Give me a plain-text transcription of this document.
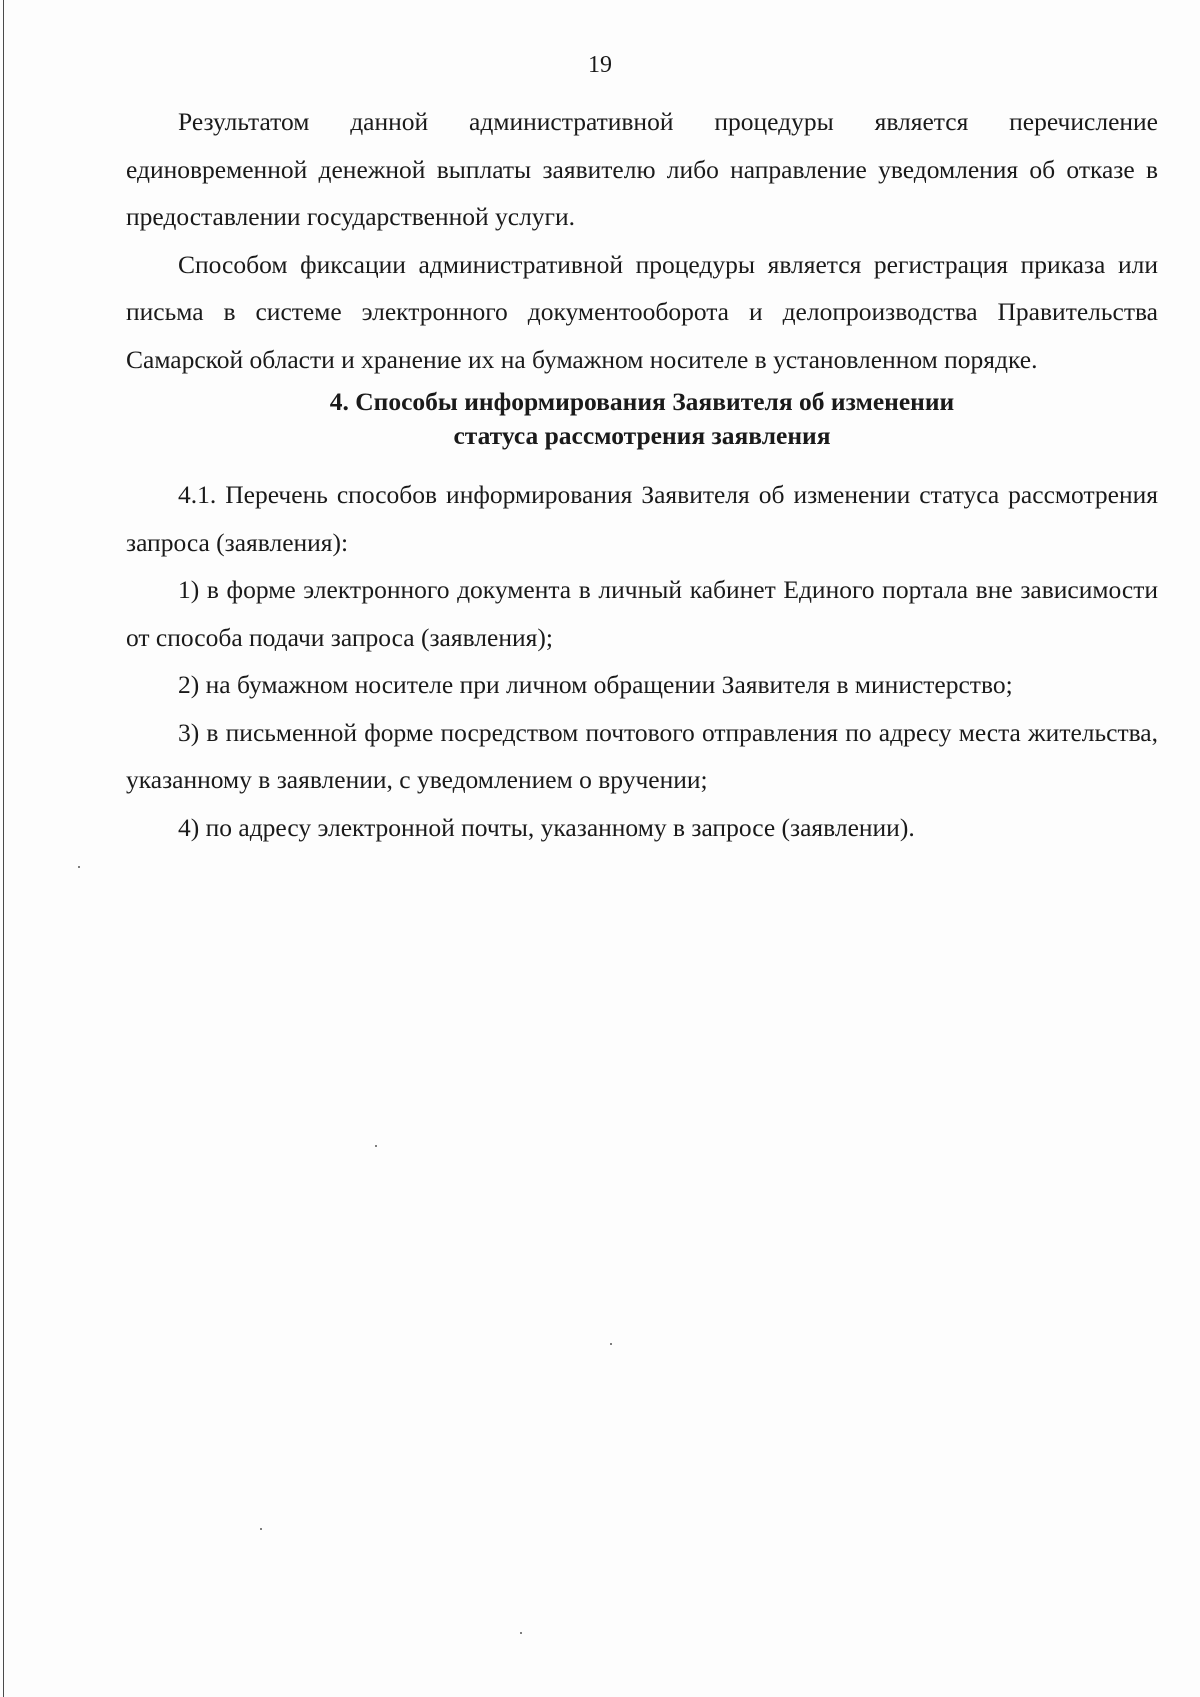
19

Результатом данной административной процедуры является перечисление единовременной денежной выплаты заявителю либо направление уведомления об отказе в предоставлении государственной услуги.

Способом фиксации административной процедуры является регистрация приказа или письма в системе электронного документооборота и делопроизводства Правительства Самарской области и хранение их на бумажном носителе в установленном порядке.

4. Способы информирования Заявителя об изменении
статуса рассмотрения заявления

4.1. Перечень способов информирования Заявителя об изменении статуса рассмотрения запроса (заявления):

1) в форме электронного документа в личный кабинет Единого портала вне зависимости от способа подачи запроса (заявления);

2) на бумажном носителе при личном обращении Заявителя в министерство;

3) в письменной форме посредством почтового отправления по адресу места жительства, указанному в заявлении, с уведомлением о вручении;

4) по адресу электронной почты, указанному в запросе (заявлении).
